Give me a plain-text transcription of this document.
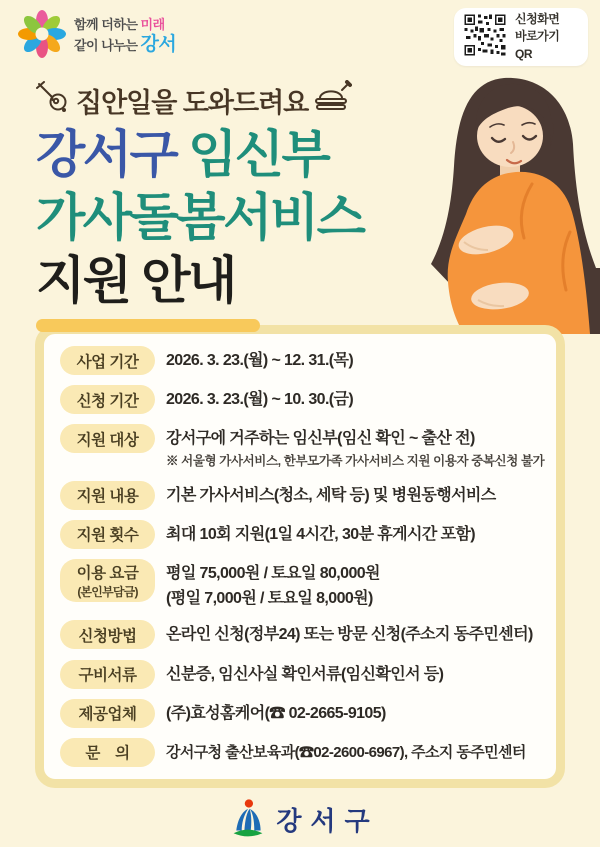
함께 더하는 미래
같이 나누는 강서
신청화면
바로가기 QR
집안일을 도와드려요
강서구 임신부
가사돌봄서비스
지원 안내
사업 기간 2026. 3. 23.(월) ~ 12. 31.(목)
신청 기간 2026. 3. 23.(월) ~ 10. 30.(금)
지원 대상 강서구에 거주하는 임신부(임신 확인 ~ 출산 전)
※ 서울형 가사서비스, 한부모가족 가사서비스 지원 이용자 중복신청 불가
지원 내용 기본 가사서비스(청소, 세탁 등) 및 병원동행서비스
지원 횟수 최대 10회 지원(1일 4시간, 30분 휴게시간 포함)
이용 요금
(본인부담금)
평일 75,000원 / 토요일 80,000원
(평일 7,000원 / 토요일 8,000원)
신청방법 온라인 신청(정부24) 또는 방문 신청(주소지 동주민센터)
구비서류 신분증, 임신사실 확인서류(임신확인서 등)
제공업체 (주)효성홈케어(☎ 02-2665-9105)
문    의 강서구청 출산보육과(☎02-2600-6967), 주소지 동주민센터
강서구
